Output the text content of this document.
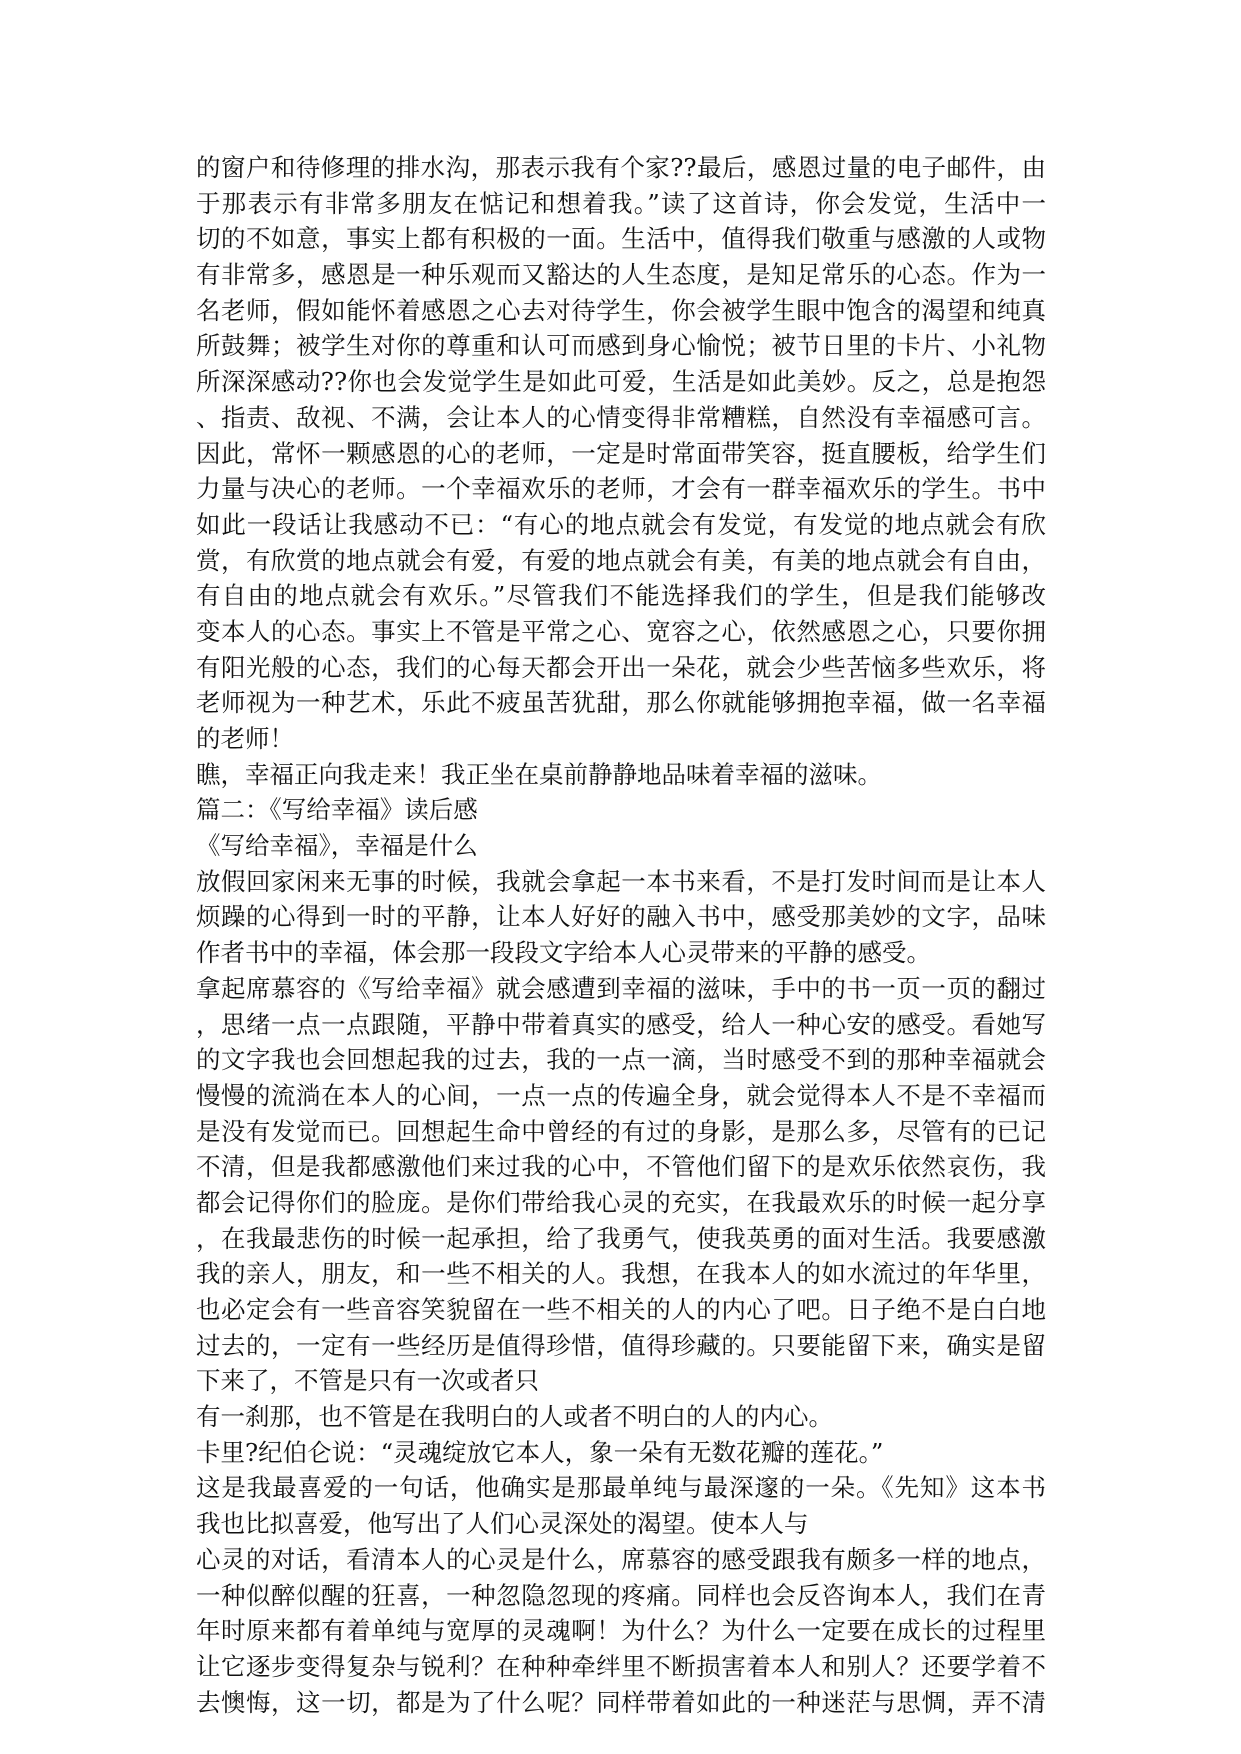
的窗户和待修理的排水沟，那表示我有个家??最后，感恩过量的电子邮件，由
于那表示有非常多朋友在惦记和想着我。”读了这首诗，你会发觉，生活中一
切的不如意，事实上都有积极的一面。生活中，值得我们敬重与感激的人或物
有非常多，感恩是一种乐观而又豁达的人生态度，是知足常乐的心态。作为一
名老师，假如能怀着感恩之心去对待学生，你会被学生眼中饱含的渴望和纯真
所鼓舞；被学生对你的尊重和认可而感到身心愉悦；被节日里的卡片、小礼物
所深深感动??你也会发觉学生是如此可爱，生活是如此美妙。反之，总是抱怨
、指责、敌视、不满，会让本人的心情变得非常糟糕，自然没有幸福感可言。
因此，常怀一颗感恩的心的老师，一定是时常面带笑容，挺直腰板，给学生们
力量与决心的老师。一个幸福欢乐的老师，才会有一群幸福欢乐的学生。书中
如此一段话让我感动不已：“有心的地点就会有发觉，有发觉的地点就会有欣
赏，有欣赏的地点就会有爱，有爱的地点就会有美，有美的地点就会有自由，
有自由的地点就会有欢乐。”尽管我们不能选择我们的学生，但是我们能够改
变本人的心态。事实上不管是平常之心、宽容之心，依然感恩之心，只要你拥
有阳光般的心态，我们的心每天都会开出一朵花，就会少些苦恼多些欢乐，将
老师视为一种艺术，乐此不疲虽苦犹甜，那么你就能够拥抱幸福，做一名幸福
的老师！
瞧，幸福正向我走来！我正坐在桌前静静地品味着幸福的滋味。
篇二：《写给幸福》读后感
《写给幸福》，幸福是什么
放假回家闲来无事的时候，我就会拿起一本书来看，不是打发时间而是让本人
烦躁的心得到一时的平静，让本人好好的融入书中，感受那美妙的文字，品味
作者书中的幸福，体会那一段段文字给本人心灵带来的平静的感受。
拿起席慕容的《写给幸福》就会感遭到幸福的滋味，手中的书一页一页的翻过
，思绪一点一点跟随，平静中带着真实的感受，给人一种心安的感受。看她写
的文字我也会回想起我的过去，我的一点一滴，当时感受不到的那种幸福就会
慢慢的流淌在本人的心间，一点一点的传遍全身，就会觉得本人不是不幸福而
是没有发觉而已。回想起生命中曾经的有过的身影，是那么多，尽管有的已记
不清，但是我都感激他们来过我的心中，不管他们留下的是欢乐依然哀伤，我
都会记得你们的脸庞。是你们带给我心灵的充实，在我最欢乐的时候一起分享
，在我最悲伤的时候一起承担，给了我勇气，使我英勇的面对生活。我要感激
我的亲人，朋友，和一些不相关的人。我想，在我本人的如水流过的年华里，
也必定会有一些音容笑貌留在一些不相关的人的内心了吧。日子绝不是白白地
过去的，一定有一些经历是值得珍惜，值得珍藏的。只要能留下来，确实是留
下来了，不管是只有一次或者只
有一刹那，也不管是在我明白的人或者不明白的人的内心。
卡里?纪伯仑说：“灵魂绽放它本人，象一朵有无数花瓣的莲花。”
这是我最喜爱的一句话，他确实是那最单纯与最深邃的一朵。《先知》这本书
我也比拟喜爱，他写出了人们心灵深处的渴望。使本人与
心灵的对话，看清本人的心灵是什么，席慕容的感受跟我有颇多一样的地点，
一种似醉似醒的狂喜，一种忽隐忽现的疼痛。同样也会反咨询本人，我们在青
年时原来都有着单纯与宽厚的灵魂啊！为什么？为什么一定要在成长的过程里
让它逐步变得复杂与锐利？在种种牵绊里不断损害着本人和别人？还要学着不
去懊悔，这一切，都是为了什么呢？同样带着如此的一种迷茫与思惆，弄不清
